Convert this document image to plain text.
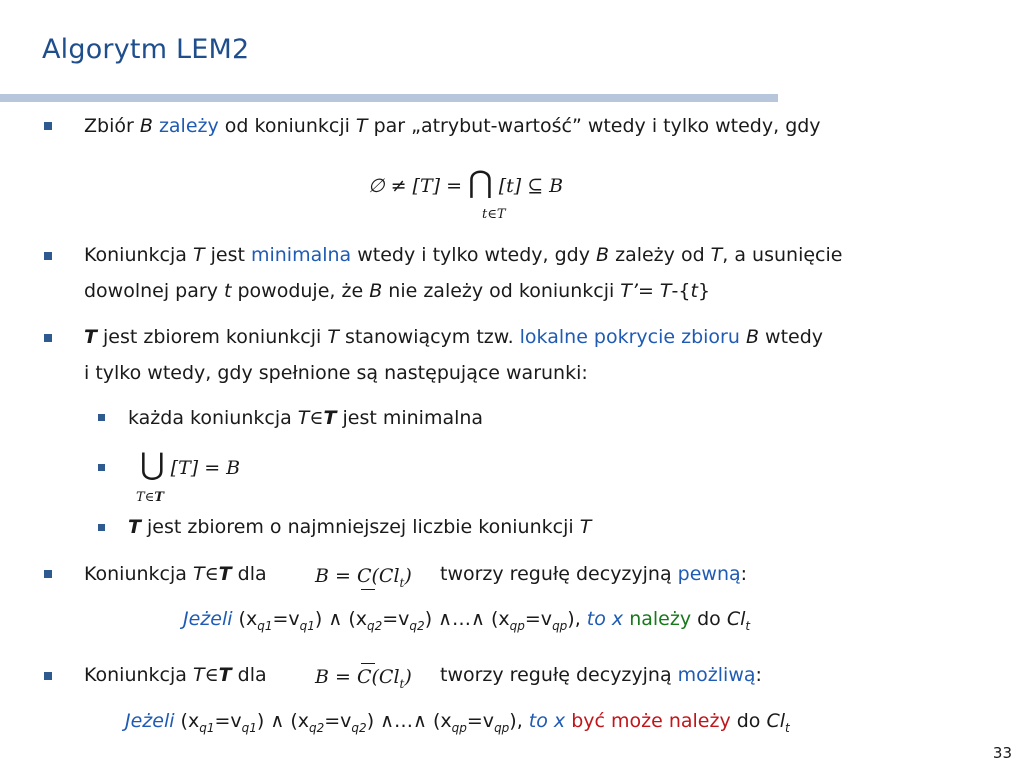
Algorytm LEM2
Zbiór B zależy od koniunkcji T par „atrybut-wartość” wtedy i tylko wtedy, gdy
∅ ≠ [T] = ⋂ [t] ⊆ B
t∈T
Koniunkcja T jest minimalna wtedy i tylko wtedy, gdy B zależy od T, a usunięcie
dowolnej pary t powoduje, że B nie zależy od koniunkcji T’= T-{t}
T jest zbiorem koniunkcji T stanowiącym tzw. lokalne pokrycie zbioru B wtedy
i tylko wtedy, gdy spełnione są następujące warunki:
każda koniunkcja T∈T jest minimalna
⋃ [T] = B
T∈T
T jest zbiorem o najmniejszej liczbie koniunkcji T
Koniunkcja T∈T dla	$B = C(Cl_t)$ tworzy regułę decyzyjną pewną:
Jeżeli $(x_{q1}=v_{q1})$ ∧ $(x_{q2}=v_{q2})$ ∧…∧ $(x_{qp}=v_{qp})$, to x należy do $Cl_t$
Koniunkcja T∈T dla	$B = C(Cl_t)$ tworzy regułę decyzyjną możliwą:
Jeżeli $(x_{q1}=v_{q1})$ ∧ $(x_{q2}=v_{q2})$ ∧…∧ $(x_{qp}=v_{qp})$, to x być może należy do $Cl_t$
33
